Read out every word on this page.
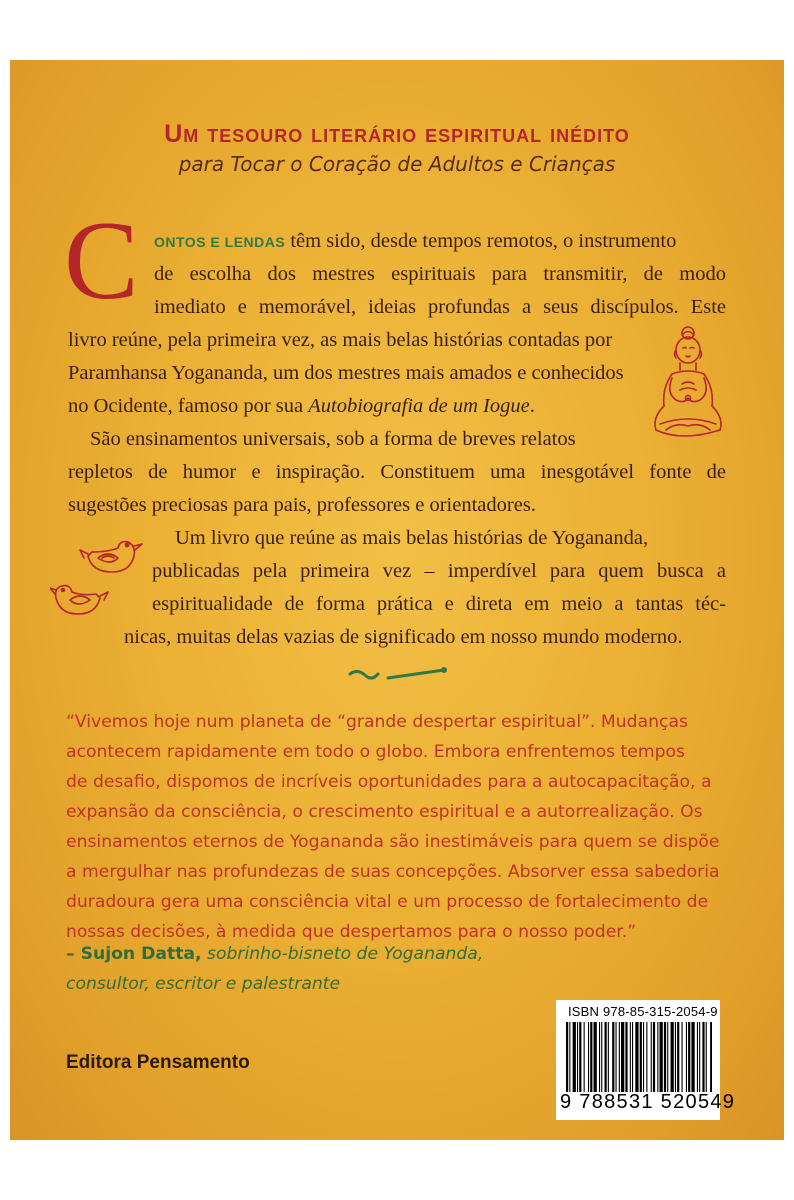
Um tesouro literário espiritual inédito
para Tocar o Coração de Adultos e Crianças
C ONTOS E LENDAS têm sido, desde tempos remotos, o instrumento
de escolha dos mestres espirituais para transmitir, de modo
imediato e memorável, ideias profundas a seus discípulos. Este
livro reúne, pela primeira vez, as mais belas histórias contadas por
Paramhansa Yogananda, um dos mestres mais amados e conhecidos
no Ocidente, famoso por sua Autobiografia de um Iogue.
São ensinamentos universais, sob a forma de breves relatos
repletos de humor e inspiração. Constituem uma inesgotável fonte de
sugestões preciosas para pais, professores e orientadores.
Um livro que reúne as mais belas histórias de Yogananda,
publicadas pela primeira vez – imperdível para quem busca a
espiritualidade de forma prática e direta em meio a tantas téc-
nicas, muitas delas vazias de significado em nosso mundo moderno.
“Vivemos hoje num planeta de “grande despertar espiritual”. Mudanças
acontecem rapidamente em todo o globo. Embora enfrentemos tempos
de desafio, dispomos de incríveis oportunidades para a autocapacitação, a
expansão da consciência, o crescimento espiritual e a autorrealização. Os
ensinamentos eternos de Yogananda são inestimáveis para quem se dispõe
a mergulhar nas profundezas de suas concepções. Absorver essa sabedoria
duradoura gera uma consciência vital e um processo de fortalecimento de
nossas decisões, à medida que despertamos para o nosso poder.”
– Sujon Datta, sobrinho-bisneto de Yogananda,
consultor, escritor e palestrante
Editora Pensamento
ISBN 978-85-315-2054-9
9 788531 520549
